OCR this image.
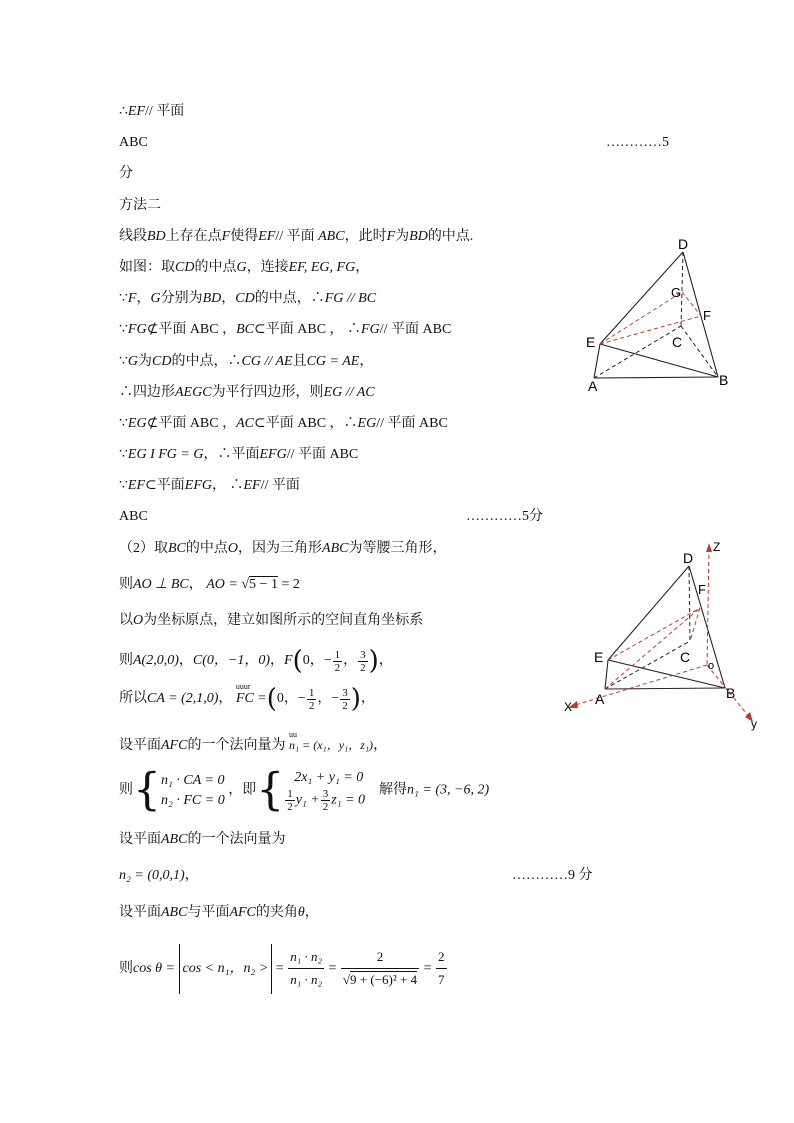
∴EF// 平面
ABC	…………5
分
方法二
线段BD上存在点F使得EF// 平面 ABC，此时F为BD的中点.
如图：取CD的中点G，连接EF, EG, FG，
∵F，G分别为BD，CD的中点，∴FG // BC
∵FG⊄平面 ABC ，BC⊂平面 ABC ， ∴FG// 平面 ABC
∵G为CD的中点，∴CG // AE且CG = AE，
∴四边形AEGC为平行四边形，则EG // AC
∵EG⊄平面 ABC ，AC⊂平面 ABC ，∴EG// 平面 ABC
∵EG I FG = G，∴平面EFG// 平面 ABC
∵EF⊂平面EFG， ∴EF// 平面
ABC	…………5分
（2）取BC的中点O，因为三角形ABC为等腰三角形，
则AO ⊥ BC， AO = √5 − 1 = 2
以O为坐标原点，建立如图所示的空间直角坐标系
则A(2,0,0)，C(0，−1，0)，F(0，− $\frac{1}{2}$ ， $\frac{3}{2}$ )，
所以CA = (2,1,0)，
uuur
FC =(0，− $\frac{1}{2}$ ，− $\frac{3}{2}$ )，
设平面AFC的一个法向量为
uu
n₁ = (x₁，y₁，z₁)，
则{ n₁ · CA = 0
n₂ · FC = 0
，即{ 2x₁ + y₁ = 0
$\frac{1}{2} y_1 + \frac{3}{2} z_1 = 0$
解得n₁ = (3, −6, 2)
设平面ABC的一个法向量为
n₂ = (0,0,1)，	…………9 分
设平面ABC与平面AFC的夹角θ，
则cos θ = cos < n₁，n₂ > = $\frac{\text{n₁ · n₂}}{\text{n₁ · n₂}} = \frac{2}{\text{√9 + (−6)² + 4}} = \frac{2}{7}$
D
G
F
E	C
A	B
D
Z
F
E	C
o
A	B
X
y
